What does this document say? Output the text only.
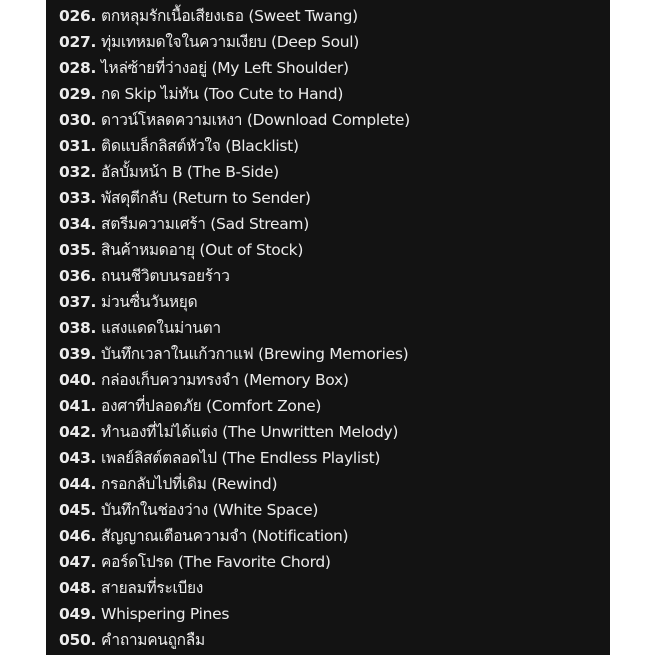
026. ตกหลุมรักเนื้อเสียงเธอ (Sweet Twang)
027. ทุ่มเทหมดใจในความเงียบ (Deep Soul)
028. ไหล่ซ้ายที่ว่างอยู่ (My Left Shoulder)
029. กด Skip ไม่ทัน (Too Cute to Hand)
030. ดาวน์โหลดความเหงา (Download Complete)
031. ติดแบล็กลิสต์หัวใจ (Blacklist)
032. อัลบั้มหน้า B (The B-Side)
033. พัสดุตีกลับ (Return to Sender)
034. สตรีมความเศร้า (Sad Stream)
035. สินค้าหมดอายุ (Out of Stock)
036. ถนนชีวิตบนรอยร้าว
037. ม่วนซื่นวันหยุด
038. แสงแดดในม่านตา
039. บันทึกเวลาในแก้วกาแฟ (Brewing Memories)
040. กล่องเก็บความทรงจำ (Memory Box)
041. องศาที่ปลอดภัย (Comfort Zone)
042. ทำนองที่ไม่ได้แต่ง (The Unwritten Melody)
043. เพลย์ลิสต์ตลอดไป (The Endless Playlist)
044. กรอกลับไปที่เดิม (Rewind)
045. บันทึกในช่องว่าง (White Space)
046. สัญญาณเตือนความจำ (Notification)
047. คอร์ดโปรด (The Favorite Chord)
048. สายลมที่ระเบียง
049. Whispering Pines
050. คำถามคนถูกลืม
